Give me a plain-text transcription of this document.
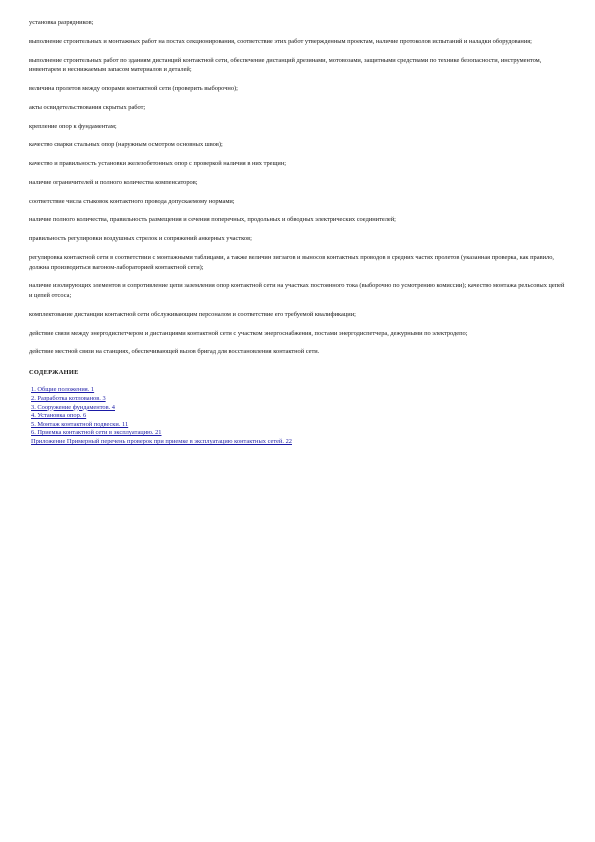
установка разрядников;

выполнение строительных и монтажных работ на постах секционирования, соответствие этих работ утвержденным проектам, наличие протоколов испытаний и наладки оборудования;

выполнение строительных работ по зданиям дистанций контактной сети, обеспечение дистанций дрезинами, мотовозами, защитными средствами по технике безопасности, инструментом, инвентарем и неснижаемым запасом материалов и деталей;

величина пролетов между опорами контактной сети (проверить выборочно);

акты освидетельствования скрытых работ;

крепление опор к фундаментам;

качество сварки стальных опор (наружным осмотром основных швов);

качество и правильность установки железобетонных опор с проверкой наличия в них трещин;

наличие ограничителей и полного количества компенсаторов;

соответствие числа стыковок контактного провода допускаемому нормами;

наличие полного количества, правильность размещения и сечения поперечных, продольных и обводных электрических соединителей;

правильность регулировки воздушных стрелок и сопряжений анкерных участков;

регулировка контактной сети в соответствии с монтажными таблицами, а также величин зигзагов и выносов контактных проводов в средних частях пролетов (указанная проверка, как правило, должна производиться вагоном-лабораторией контактной сети);

наличие изолирующих элементов и сопротивление цепи заземления опор контактной сети на участках постоянного тока (выборочно по усмотрению комиссии); качество монтажа рельсовых цепей и цепей отсоса;

комплектование дистанции контактной сети обслуживающим персоналом и соответствие его требуемой квалификации;

действие связи между энергодиспетчером и дистанциями контактной сети с участком энергоснабжения, постами энергодиспетчера, дежурными по электродепо;

действие местной связи на станциях, обеспечивающей вызов бригад для восстановления контактной сети.

СОДЕРЖАНИЕ
1. Общие положения. 1
2. Разработка котлованов. 3
3. Сооружение фундаментов. 4
4. Установка опор. 6
5. Монтаж контактной подвески. 11
6. Приемка контактной сети в эксплуатацию. 21
Приложение Примерный перечень проверок при приемке в эксплуатацию контактных сетей. 22
